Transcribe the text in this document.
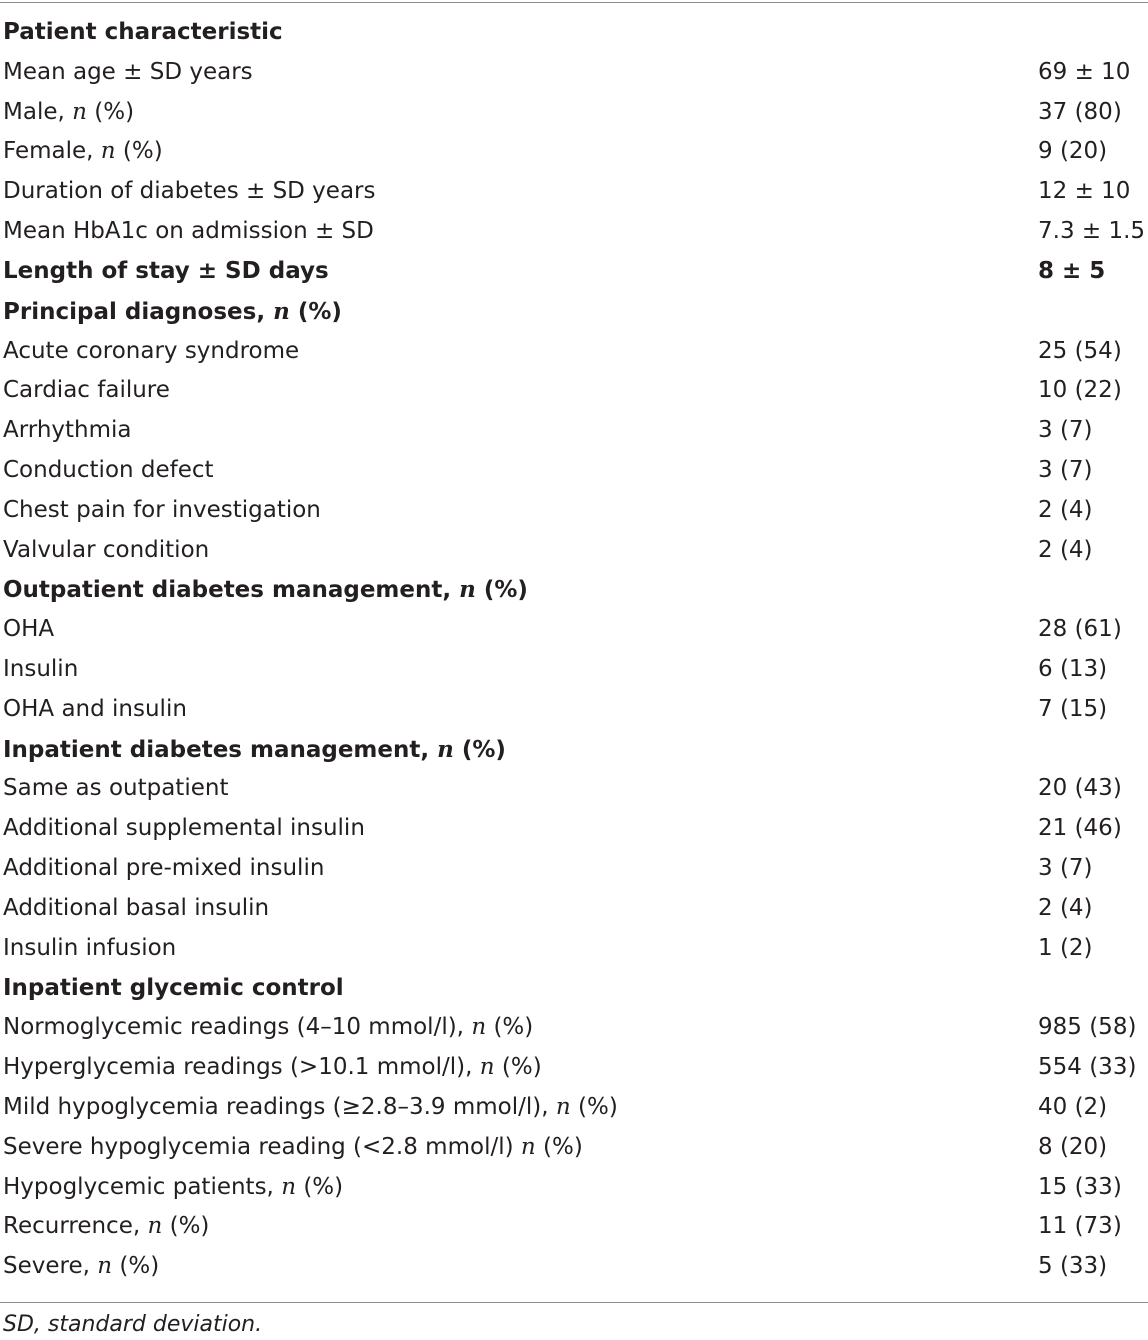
Patient characteristic
Mean age ± SD years	69 ± 10
Male, n (%)	37 (80)
Female, n (%)	9 (20)
Duration of diabetes ± SD years	12 ± 10
Mean HbA1c on admission ± SD	7.3 ± 1.5
Length of stay ± SD days	8 ± 5
Principal diagnoses, n (%)
Acute coronary syndrome	25 (54)
Cardiac failure	10 (22)
Arrhythmia	3 (7)
Conduction defect	3 (7)
Chest pain for investigation	2 (4)
Valvular condition	2 (4)
Outpatient diabetes management, n (%)
OHA	28 (61)
Insulin	6 (13)
OHA and insulin	7 (15)
Inpatient diabetes management, n (%)
Same as outpatient	20 (43)
Additional supplemental insulin	21 (46)
Additional pre-mixed insulin	3 (7)
Additional basal insulin	2 (4)
Insulin infusion	1 (2)
Inpatient glycemic control
Normoglycemic readings (4–10 mmol/l), n (%)	985 (58)
Hyperglycemia readings (>10.1 mmol/l), n (%)	554 (33)
Mild hypoglycemia readings (≥2.8–3.9 mmol/l), n (%)	40 (2)
Severe hypoglycemia reading (<2.8 mmol/l) n (%)	8 (20)
Hypoglycemic patients, n (%)	15 (33)
Recurrence, n (%)	11 (73)
Severe, n (%)	5 (33)
SD, standard deviation.
